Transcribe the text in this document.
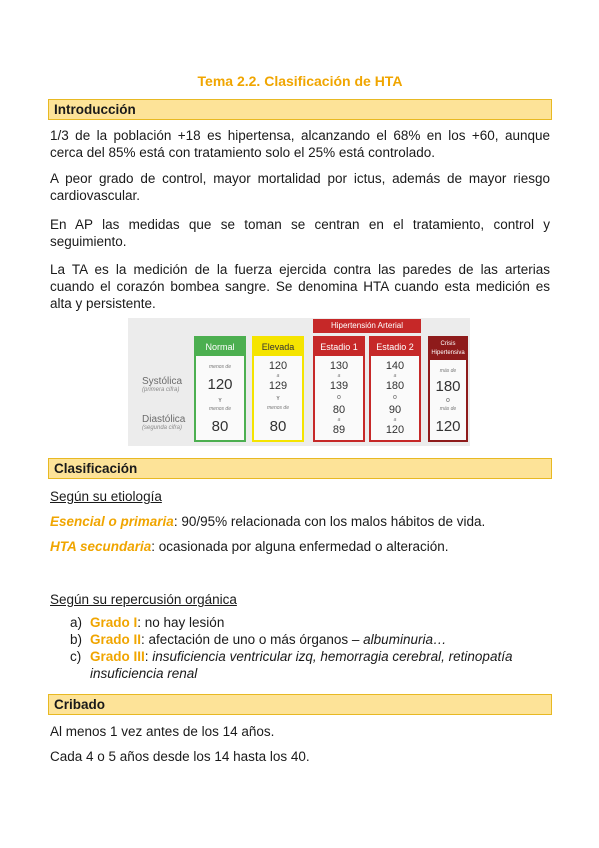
Tema 2.2. Clasificación de HTA
Introducción
1/3 de la población +18 es hipertensa, alcanzando el 68% en los +60, aunque cerca del 85% está con tratamiento solo el 25% está controlado.
A peor grado de control, mayor mortalidad por ictus, además de mayor riesgo cardiovascular.
En AP las medidas que se toman se centran en el tratamiento, control y seguimiento.
La TA es la medición de la fuerza ejercida contra las paredes de las arterias cuando el corazón bombea sangre. Se denomina HTA cuando esta medición es alta y persistente.
Systólica
(primera cifra)
Diastólica
(segunda cifra)
Hipertensión Arterial
Normal
menos de
120
Y
menos de
80
Elevada
120
a
129
Y
menos de
80
Estadio 1
130
a
139
O
80
a
89
Estadio 2
140
a
180
O
90
a
120
Crisis
Hipertensiva
más de
180
O
más de
120
Clasificación
Según su etiología
Esencial o primaria: 90/95% relacionada con los malos hábitos de vida.
HTA secundaria: ocasionada por alguna enfermedad o alteración.
Según su repercusión orgánica
a) Grado I: no hay lesión
b) Grado II: afectación de uno o más órganos – albuminuria…
c) Grado III: insuficiencia ventricular izq, hemorragia cerebral, retinopatía insuficiencia renal
Cribado
Al menos 1 vez antes de los 14 años.
Cada 4 o 5 años desde los 14 hasta los 40.
